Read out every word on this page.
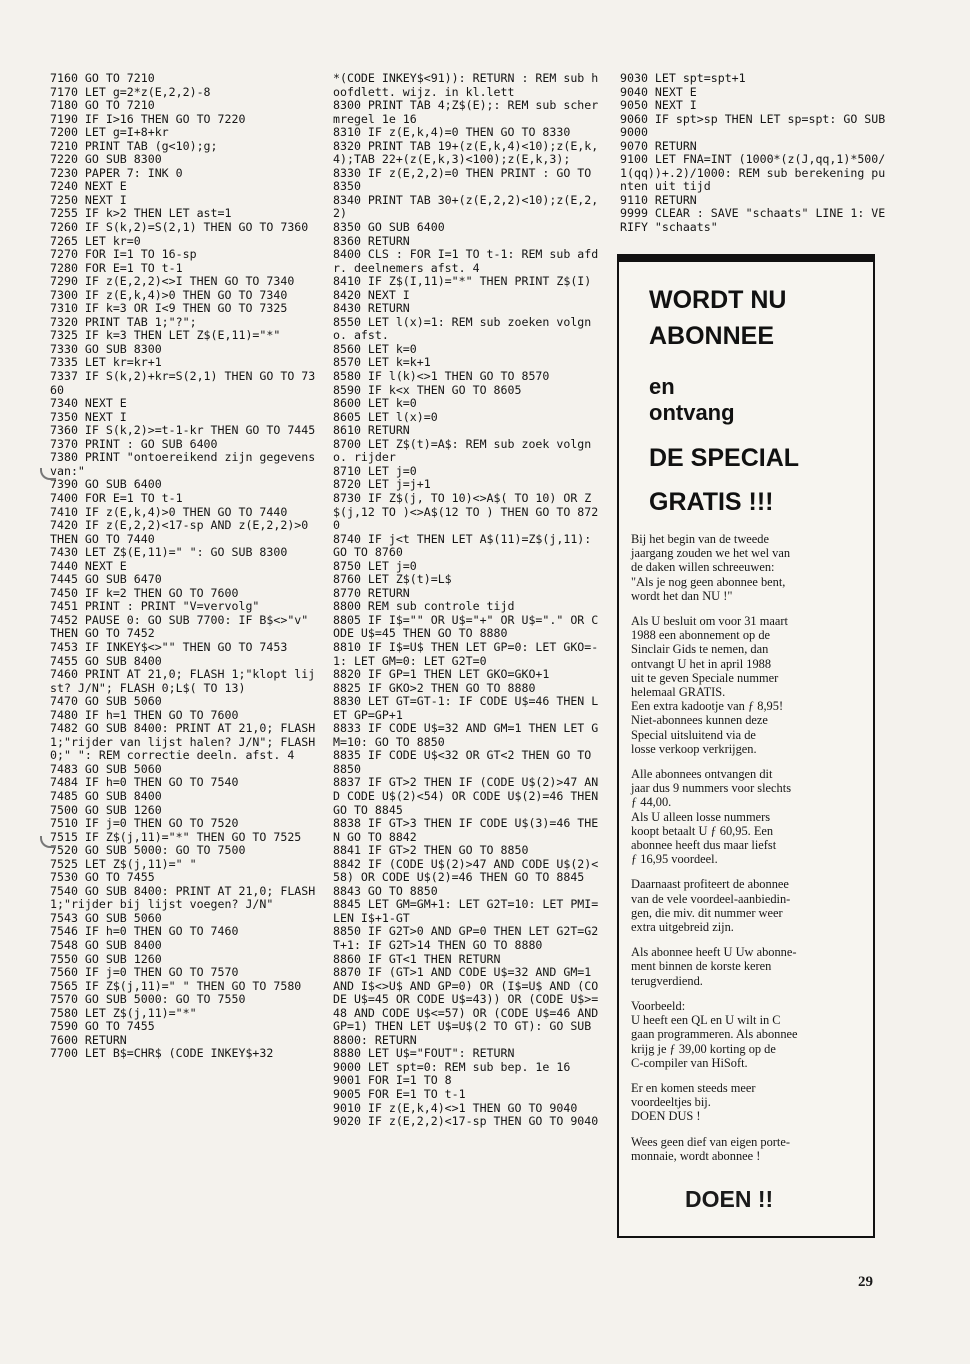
7160 GO TO 7210
7170 LET g=2*z(E,2,2)-8
7180 GO TO 7210
7190 IF I>16 THEN GO TO 7220
7200 LET g=I+8+kr
7210 PRINT TAB (g<10);g;
7220 GO SUB 8300
7230 PAPER 7: INK 0
7240 NEXT E
7250 NEXT I
7255 IF k>2 THEN LET ast=1
7260 IF S(k,2)=S(2,1) THEN GO TO 7360
7265 LET kr=0
7270 FOR I=1 TO 16-sp
7280 FOR E=1 TO t-1
7290 IF z(E,2,2)<>I THEN GO TO 7340
7300 IF z(E,k,4)>0 THEN GO TO 7340
7310 IF k=3 OR I<9 THEN GO TO 7325
7320 PRINT TAB 1;"?";
7325 IF k=3 THEN LET Z$(E,11)="*"
7330 GO SUB 8300
7335 LET kr=kr+1
7337 IF S(k,2)+kr=S(2,1) THEN GO TO 7360
7340 NEXT E
7350 NEXT I
7360 IF S(k,2)>=t-1-kr THEN GO TO 7445
7370 PRINT : GO SUB 6400
7380 PRINT "ontoereikend zijn gegevens van:"
7390 GO SUB 6400
7400 FOR E=1 TO t-1
7410 IF z(E,k,4)>0 THEN GO TO 7440
7420 IF z(E,2,2)<17-sp AND z(E,2,2)>0 THEN GO TO 7440
7430 LET Z$(E,11)=" ": GO SUB 8300
7440 NEXT E
7445 GO SUB 6470
7450 IF k=2 THEN GO TO 7600
7451 PRINT : PRINT "V=vervolg"
7452 PAUSE 0: GO SUB 7700: IF B$<>"v" THEN GO TO 7452
7453 IF INKEY$<>"" THEN GO TO 7453
7455 GO SUB 8400
7460 PRINT AT 21,0; FLASH 1;"klopt lijst? J/N"; FLASH 0;L$( TO 13)
7470 GO SUB 5060
7480 IF h=1 THEN GO TO 7600
7482 GO SUB 8400: PRINT AT 21,0; FLASH 1;"rijder van lijst halen? J/N"; FLASH 0;" ": REM correctie deeln. afst. 4
7483 GO SUB 5060
7484 IF h=0 THEN GO TO 7540
7485 GO SUB 8400
7500 GO SUB 1260
7510 IF j=0 THEN GO TO 7520
7515 IF Z$(j,11)="*" THEN GO TO 7525
7520 GO SUB 5000: GO TO 7500
7525 LET Z$(j,11)=" "
7530 GO TO 7455
7540 GO SUB 8400: PRINT AT 21,0; FLASH 1;"rijder bij lijst voegen? J/N"
7543 GO SUB 5060
7546 IF h=0 THEN GO TO 7460
7548 GO SUB 8400
7550 GO SUB 1260
7560 IF j=0 THEN GO TO 7570
7565 IF Z$(j,11)=" " THEN GO TO 7580
7570 GO SUB 5000: GO TO 7550
7580 LET Z$(j,11)="*"
7590 GO TO 7455
7600 RETURN
7700 LET B$=CHR$ (CODE INKEY$+32
*(CODE INKEY$<91)): RETURN : REM sub hoofdlett. wijz. in kl.lett
8300 PRINT TAB 4;Z$(E);: REM sub schermregel 1e 16
8310 IF z(E,k,4)=0 THEN GO TO 8330
8320 PRINT TAB 19+(z(E,k,4)<10);z(E,k,4);TAB 22+(z(E,k,3)<100);z(E,k,3);
8330 IF z(E,2,2)=0 THEN PRINT : GO TO 8350
8340 PRINT TAB 30+(z(E,2,2)<10);z(E,2,2)
8350 GO SUB 6400
8360 RETURN
8400 CLS : FOR I=1 TO t-1: REM sub afdr. deelnemers afst. 4
8410 IF Z$(I,11)="*" THEN PRINT Z$(I)
8420 NEXT I
8430 RETURN
8550 LET l(x)=1: REM sub zoeken volgno. afst.
8560 LET k=0
8570 LET k=k+1
8580 IF l(k)<>1 THEN GO TO 8570
8590 IF k<x THEN GO TO 8605
8600 LET k=0
8605 LET l(x)=0
8610 RETURN
8700 LET Z$(t)=A$: REM sub zoek volgno. rijder
8710 LET j=0
8720 LET j=j+1
8730 IF Z$(j, TO 10)<>A$( TO 10) OR Z$(j,12 TO )<>A$(12 TO ) THEN GO TO 8720
8740 IF j<t THEN LET A$(11)=Z$(j,11): GO TO 8760
8750 LET j=0
8760 LET Z$(t)=L$
8770 RETURN
8800 REM sub controle tijd
8805 IF I$="" OR U$="+" OR U$="." OR CODE U$=45 THEN GO TO 8880
8810 IF I$=U$ THEN LET GP=0: LET GKO=-1: LET GM=0: LET G2T=0
8820 IF GP=1 THEN LET GKO=GKO+1
8825 IF GKO>2 THEN GO TO 8880
8830 LET GT=GT-1: IF CODE U$=46 THEN LET GP=GP+1
8833 IF CODE U$=32 AND GM=1 THEN LET GM=10: GO TO 8850
8835 IF CODE U$<32 OR GT<2 THEN GO TO 8850
8837 IF GT>2 THEN IF (CODE U$(2)>47 AND CODE U$(2)<54) OR CODE U$(2)=46 THEN GO TO 8845
8838 IF GT>3 THEN IF CODE U$(3)=46 THEN GO TO 8842
8841 IF GT>2 THEN GO TO 8850
8842 IF (CODE U$(2)>47 AND CODE U$(2)<58) OR CODE U$(2)=46 THEN GO TO 8845
8843 GO TO 8850
8845 LET GM=GM+1: LET G2T=10: LET PMI= LEN I$+1-GT
8850 IF G2T>0 AND GP=0 THEN LET G2T=G2T+1: IF G2T>14 THEN GO TO 8880
8860 IF GT<1 THEN RETURN
8870 IF (GT>1 AND CODE U$=32 AND GM=1 AND I$<>U$ AND GP=0) OR (I$=U$ AND (CODE U$=45 OR CODE U$=43)) OR (CODE U$>=48 AND CODE U$<=57) OR (CODE U$=46 AND GP=1) THEN LET U$=U$(2 TO GT): GO SUB 8800: RETURN
8880 LET U$="FOUT": RETURN
9000 LET spt=0: REM sub bep. 1e 16
9001 FOR I=1 TO 8
9005 FOR E=1 TO t-1
9010 IF z(E,k,4)<>1 THEN GO TO 9040
9020 IF z(E,2,2)<17-sp THEN GO TO 9040
9030 LET spt=spt+1
9040 NEXT E
9050 NEXT I
9060 IF spt>sp THEN LET sp=spt: GO SUB 9000
9070 RETURN
9100 LET FNA=INT (1000*(z(J,qq,1)*500/1(qq))+.2)/1000: REM sub berekening punten uit tijd
9110 RETURN
9999 CLEAR : SAVE "schaats" LINE 1: VERIFY "schaats"
WORDT NU
ABONNEE
en
ontvang
DE SPECIAL
GRATIS !!!

Bij het begin van de tweede
jaargang zouden we het wel van
de daken willen schreeuwen:
"Als je nog geen abonnee bent,
wordt het dan NU !"

Als U besluit om voor 31 maart
1988 een abonnement op de
Sinclair Gids te nemen, dan
ontvangt U het in april 1988
uit te geven Speciale nummer
helemaal GRATIS.
Een extra kadootje van ƒ 8,95!
Niet-abonnees kunnen deze
Special uitsluitend via de
losse verkoop verkrijgen.

Alle abonnees ontvangen dit
jaar dus 9 nummers voor slechts
ƒ 44,00.
Als U alleen losse nummers
koopt betaalt U ƒ 60,95. Een
abonnee heeft dus maar liefst
ƒ 16,95 voordeel.

Daarnaast profiteert de abonnee
van de vele voordeel-aanbiedin-
gen, die miv. dit nummer weer
extra uitgebreid zijn.

Als abonnee heeft U Uw abonne-
ment binnen de korste keren
terugverdiend.

Voorbeeld:
U heeft een QL en U wilt in C
gaan programmeren. Als abonnee
krijg je ƒ 39,00 korting op de
C-compiler van HiSoft.

Er en komen steeds meer
voordeeltjes bij.
DOEN DUS !

Wees geen dief van eigen porte-
monnaie, wordt abonnee !

DOEN !!
29
